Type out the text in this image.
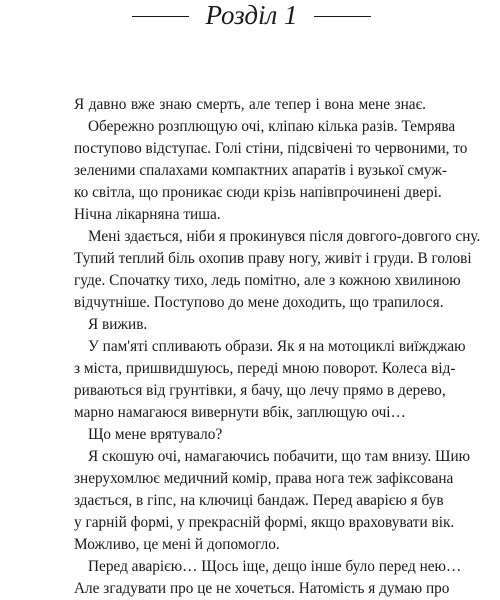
Розділ 1
Я давно вже знаю смерть, але тепер і вона мене знає.
Обережно розплющую очі, кліпаю кілька разів. Темрява
поступово відступає. Голі стіни, підсвічені то червоними, то
зеленими спалахами компактних апаратів і вузької смуж-
ко світла, що проникає сюди крізь напівпрочинені двері.
Нічна лікарняна тиша.
Мені здається, ніби я прокинувся після довгого-довгого сну.
Тупий теплий біль охопив праву ногу, живіт і груди. В голові
гуде. Спочатку тихо, ледь помітно, але з кожною хвилиною
відчутніше. Поступово до мене доходить, що трапилося.
Я вижив.
У пам'яті спливають образи. Як я на мотоциклі виїжджаю
з міста, пришвидшуюсь, переді мною поворот. Колеса від-
риваються від грунтівки, я бачу, що лечу прямо в дерево,
марно намагаюся вивернути вбік, заплющую очі…
Що мене врятувало?
Я скошую очі, намагаючись побачити, що там внизу. Шию
знерухомлює медичний комір, права нога теж зафіксована
здається, в гіпс, на ключиці бандаж. Перед аварією я був
у гарній формі, у прекрасній формі, якщо враховувати вік.
Можливо, це мені й допомогло.
Перед аварією… Щось іще, дещо інше було перед нею…
Але згадувати про це не хочеться. Натомість я думаю про
